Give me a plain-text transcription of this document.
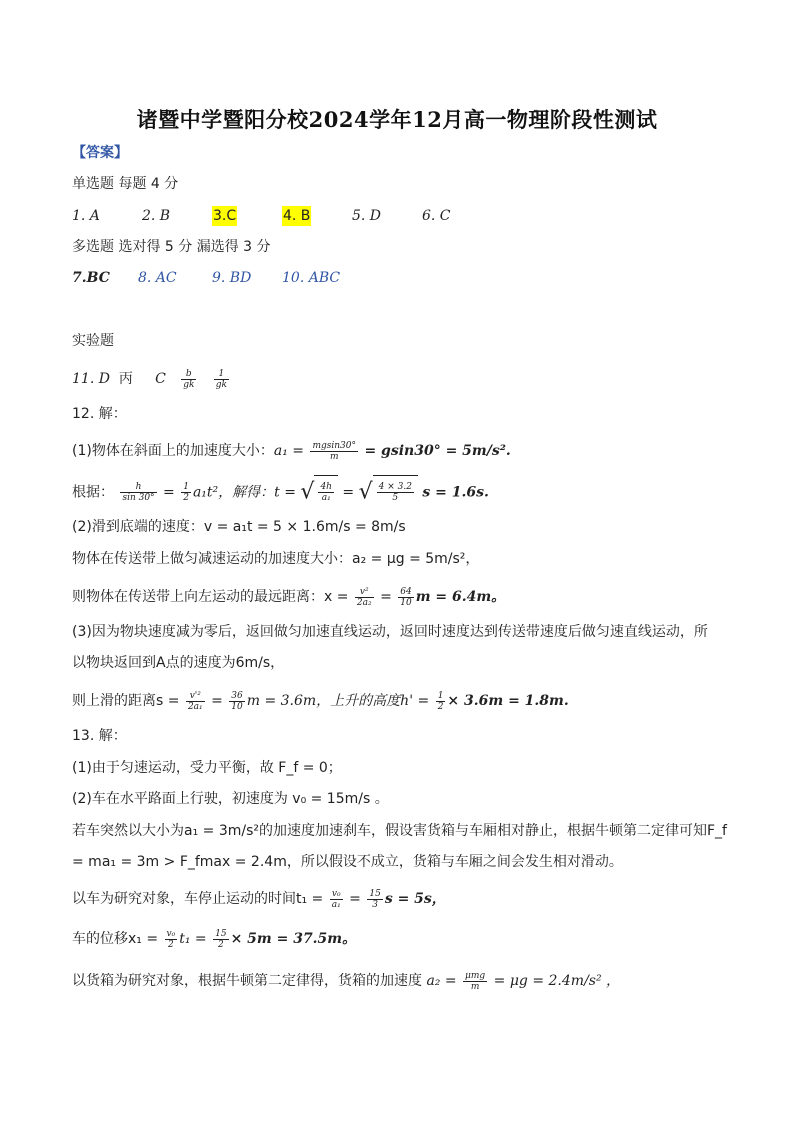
诸暨中学暨阳分校2024学年12月高一物理阶段性测试
【答案】
单选题 每题 4 分
1. A	2. B	3.C	4. B	5. D	6. C
多选题 选对得 5 分 漏选得 3 分
7.BC 8. AC	9. BD 10. ABC
实验题
11. D 丙 C $\frac{b}{gk}$
$\frac{1}{gk}$
12. 解：
(1)物体在斜面上的加速度大小：$a_1 = \frac{mgsin30^\circ}{m} = gsin30^\circ = 5m/s^2$.
根据： $\frac{h}{\sin 30^\circ} = \frac{1}{2} a_1t^2$，解得：t = √ $\frac{4h}{\text{a₁}}$ = √ $\frac{4 \times 3.2}{5}$ s = 1.6s.
(2)滑到底端的速度：v = a₁t = 5 × 1.6m/s = 8m/s
物体在传送带上做匀减速运动的加速度大小：a₂ = μg = 5m/s²，
则物体在传送带上向左运动的最远距离：$x = \frac{\text{v²}}{\text{2a₂}} = \frac{64}{10}$ m = 6.4m。
(3)因为物块速度减为零后，返回做匀加速直线运动，返回时速度达到传送带速度后做匀速直线运动，所
以物块返回到A点的速度为6m/s，
则上滑的距离$s = \frac{\text{v'²}}{\text{2a₁}} = \frac{36}{10}$ m = 3.6m，上升的高度$h' = \frac{1}{2} \times 3.6m = 1.8m$.
13. 解：
(1)由于匀速运动，受力平衡，故 F_f = 0；
(2)车在水平路面上行驶，初速度为 v₀ = 15m/s 。
若车突然以大小为a₁ = 3m/s²的加速度加速刹车，假设害货箱与车厢相对静止，根据牛顿第二定律可知F_f
= ma₁ = 3m > F_fmax = 2.4m，所以假设不成立，货箱与车厢之间会发生相对滑动。
以车为研究对象，车停止运动的时间$t_1 = \frac{\text{v₀}}{\text{a₁}} = \frac{15}{3}$ s = 5s，
车的位移$x_1 = \frac{\text{v₀}}{2} t_1 = \frac{15}{2} \times 5m = 37.5m$。
以货箱为研究对象，根据牛顿第二定律得，货箱的加速度 $a_2 = \frac{\text{μmg}}{m} = \mu g = 2.4m/s^2$ ，
